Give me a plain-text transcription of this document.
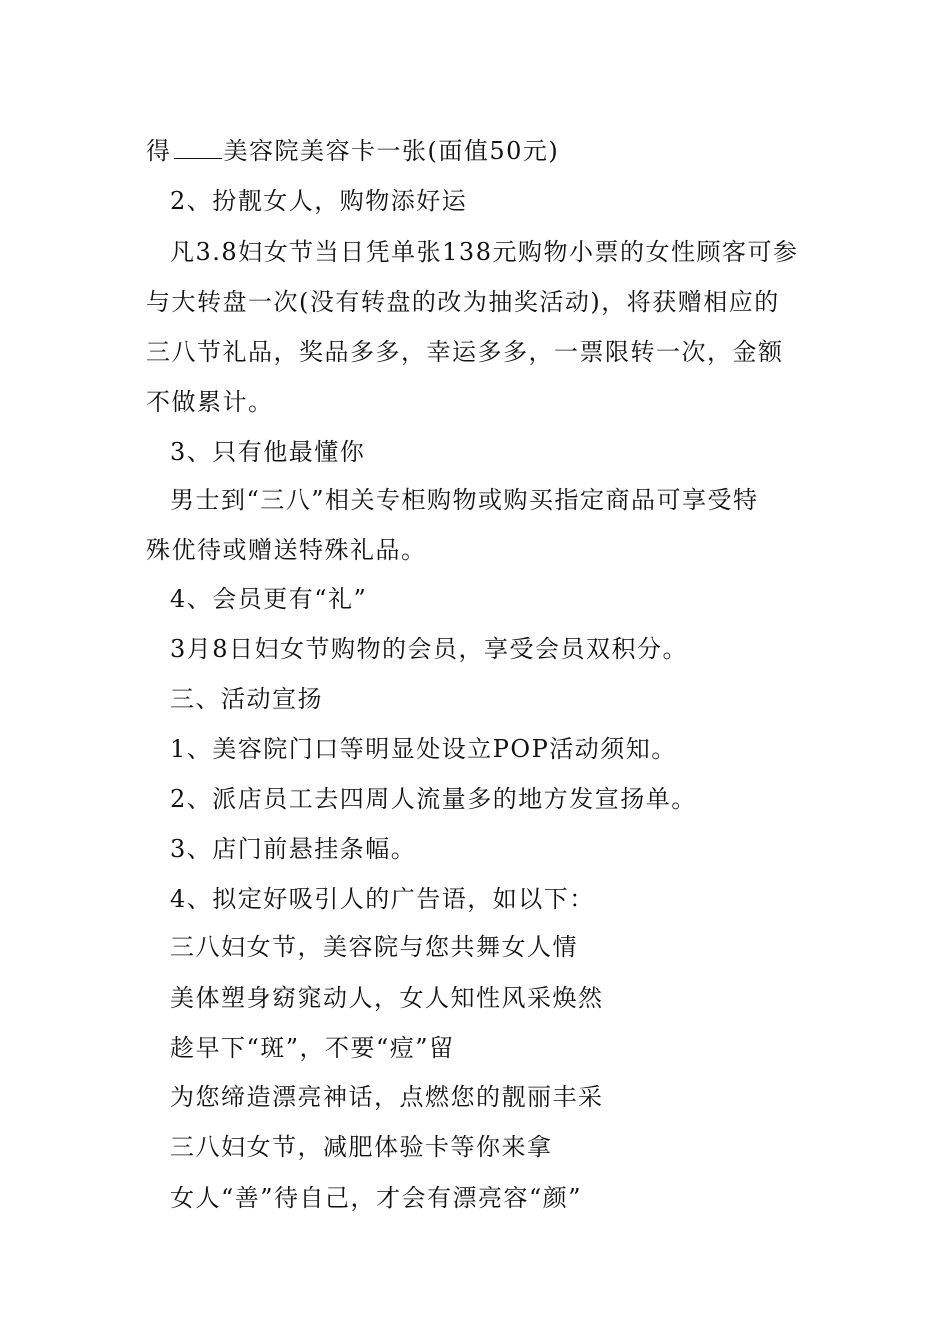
得 美容院美容卡一张(面值50元)
2、扮靓女人，购物添好运
凡3.8妇女节当日凭单张138元购物小票的女性顾客可参
与大转盘一次(没有转盘的改为抽奖活动)，将获赠相应的
三八节礼品，奖品多多，幸运多多，一票限转一次，金额
不做累计。
3、只有他最懂你
男士到“三八”相关专柜购物或购买指定商品可享受特
殊优待或赠送特殊礼品。
4、会员更有“礼”
3月8日妇女节购物的会员，享受会员双积分。
三、活动宣扬
1、美容院门口等明显处设立POP活动须知。
2、派店员工去四周人流量多的地方发宣扬单。
3、店门前悬挂条幅。
4、拟定好吸引人的广告语，如以下：
三八妇女节，美容院与您共舞女人情
美体塑身窈窕动人，女人知性风采焕然
趁早下“斑”，不要“痘”留
为您缔造漂亮神话，点燃您的靓丽丰采
三八妇女节，减肥体验卡等你来拿
女人“善”待自己，才会有漂亮容“颜”
